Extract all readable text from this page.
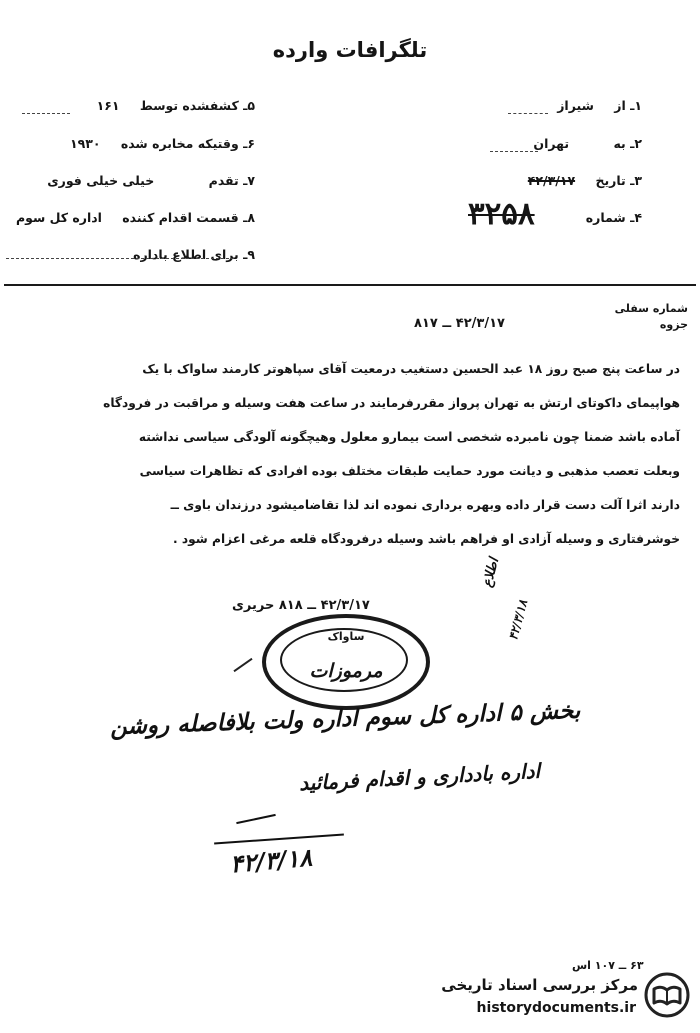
تلگرافات وارده
۱ـ از شیراز
۲ـ به تهران
۳ـ تاریخ ۴۲/۳/۱۷
۴ـ شماره
۳۲۵۸
۵ـ کشفشده توسط ۱۶۱
۶ـ وقتیکه مخابره شده ۱۹۳۰
۷ـ تقدم خیلی خیلی فوری
۸ـ قسمت اقدام کننده اداره کل سوم
۹ـ برای اطلاع باداره
شماره سفلی
جزوه
۴۲/۳/۱۷ ــ ۸۱۷
در ساعت پنج صبح روز ۱۸ عبد الحسین دستغیب درمعیت آقای سپاهوتر کارمند ساواک با یک
هواپیمای داکوتای ارتش به تهران پرواز مقررفرمایند در ساعت هفت وسیله و مراقبت در فرودگاه
آماده باشد ضمنا چون نامبرده شخصی است بیمارو معلول وهیچگونه آلودگی سیاسی نداشته
وبعلت تعصب مذهبی و دیانت مورد حمایت طبقات مختلف بوده افرادی که تظاهرات سیاسی
دارند اثرا آلت دست قرار داده وبهره برداری نموده اند لذا تقاضامیشود درزندان باوی ــ
خوشرفتاری و وسیله آزادی او فراهم باشد وسیله درفرودگاه قلعه مرغی اعزام شود .
۴۲/۳/۱۷ ــ ۸۱۸ حریری
ساواک
مرموزات
اطلاع
۴۲/۳/۱۸
بخش ۵ اداره کل سوم اداره ولت بلافاصله روشن
اداره بادداری و اقدام فرمائید
۴۲/۳/۱۸
۶۳ ــ ۱۰۷ اس
مرکز بررسی اسناد تاریخی
historydocuments.ir
